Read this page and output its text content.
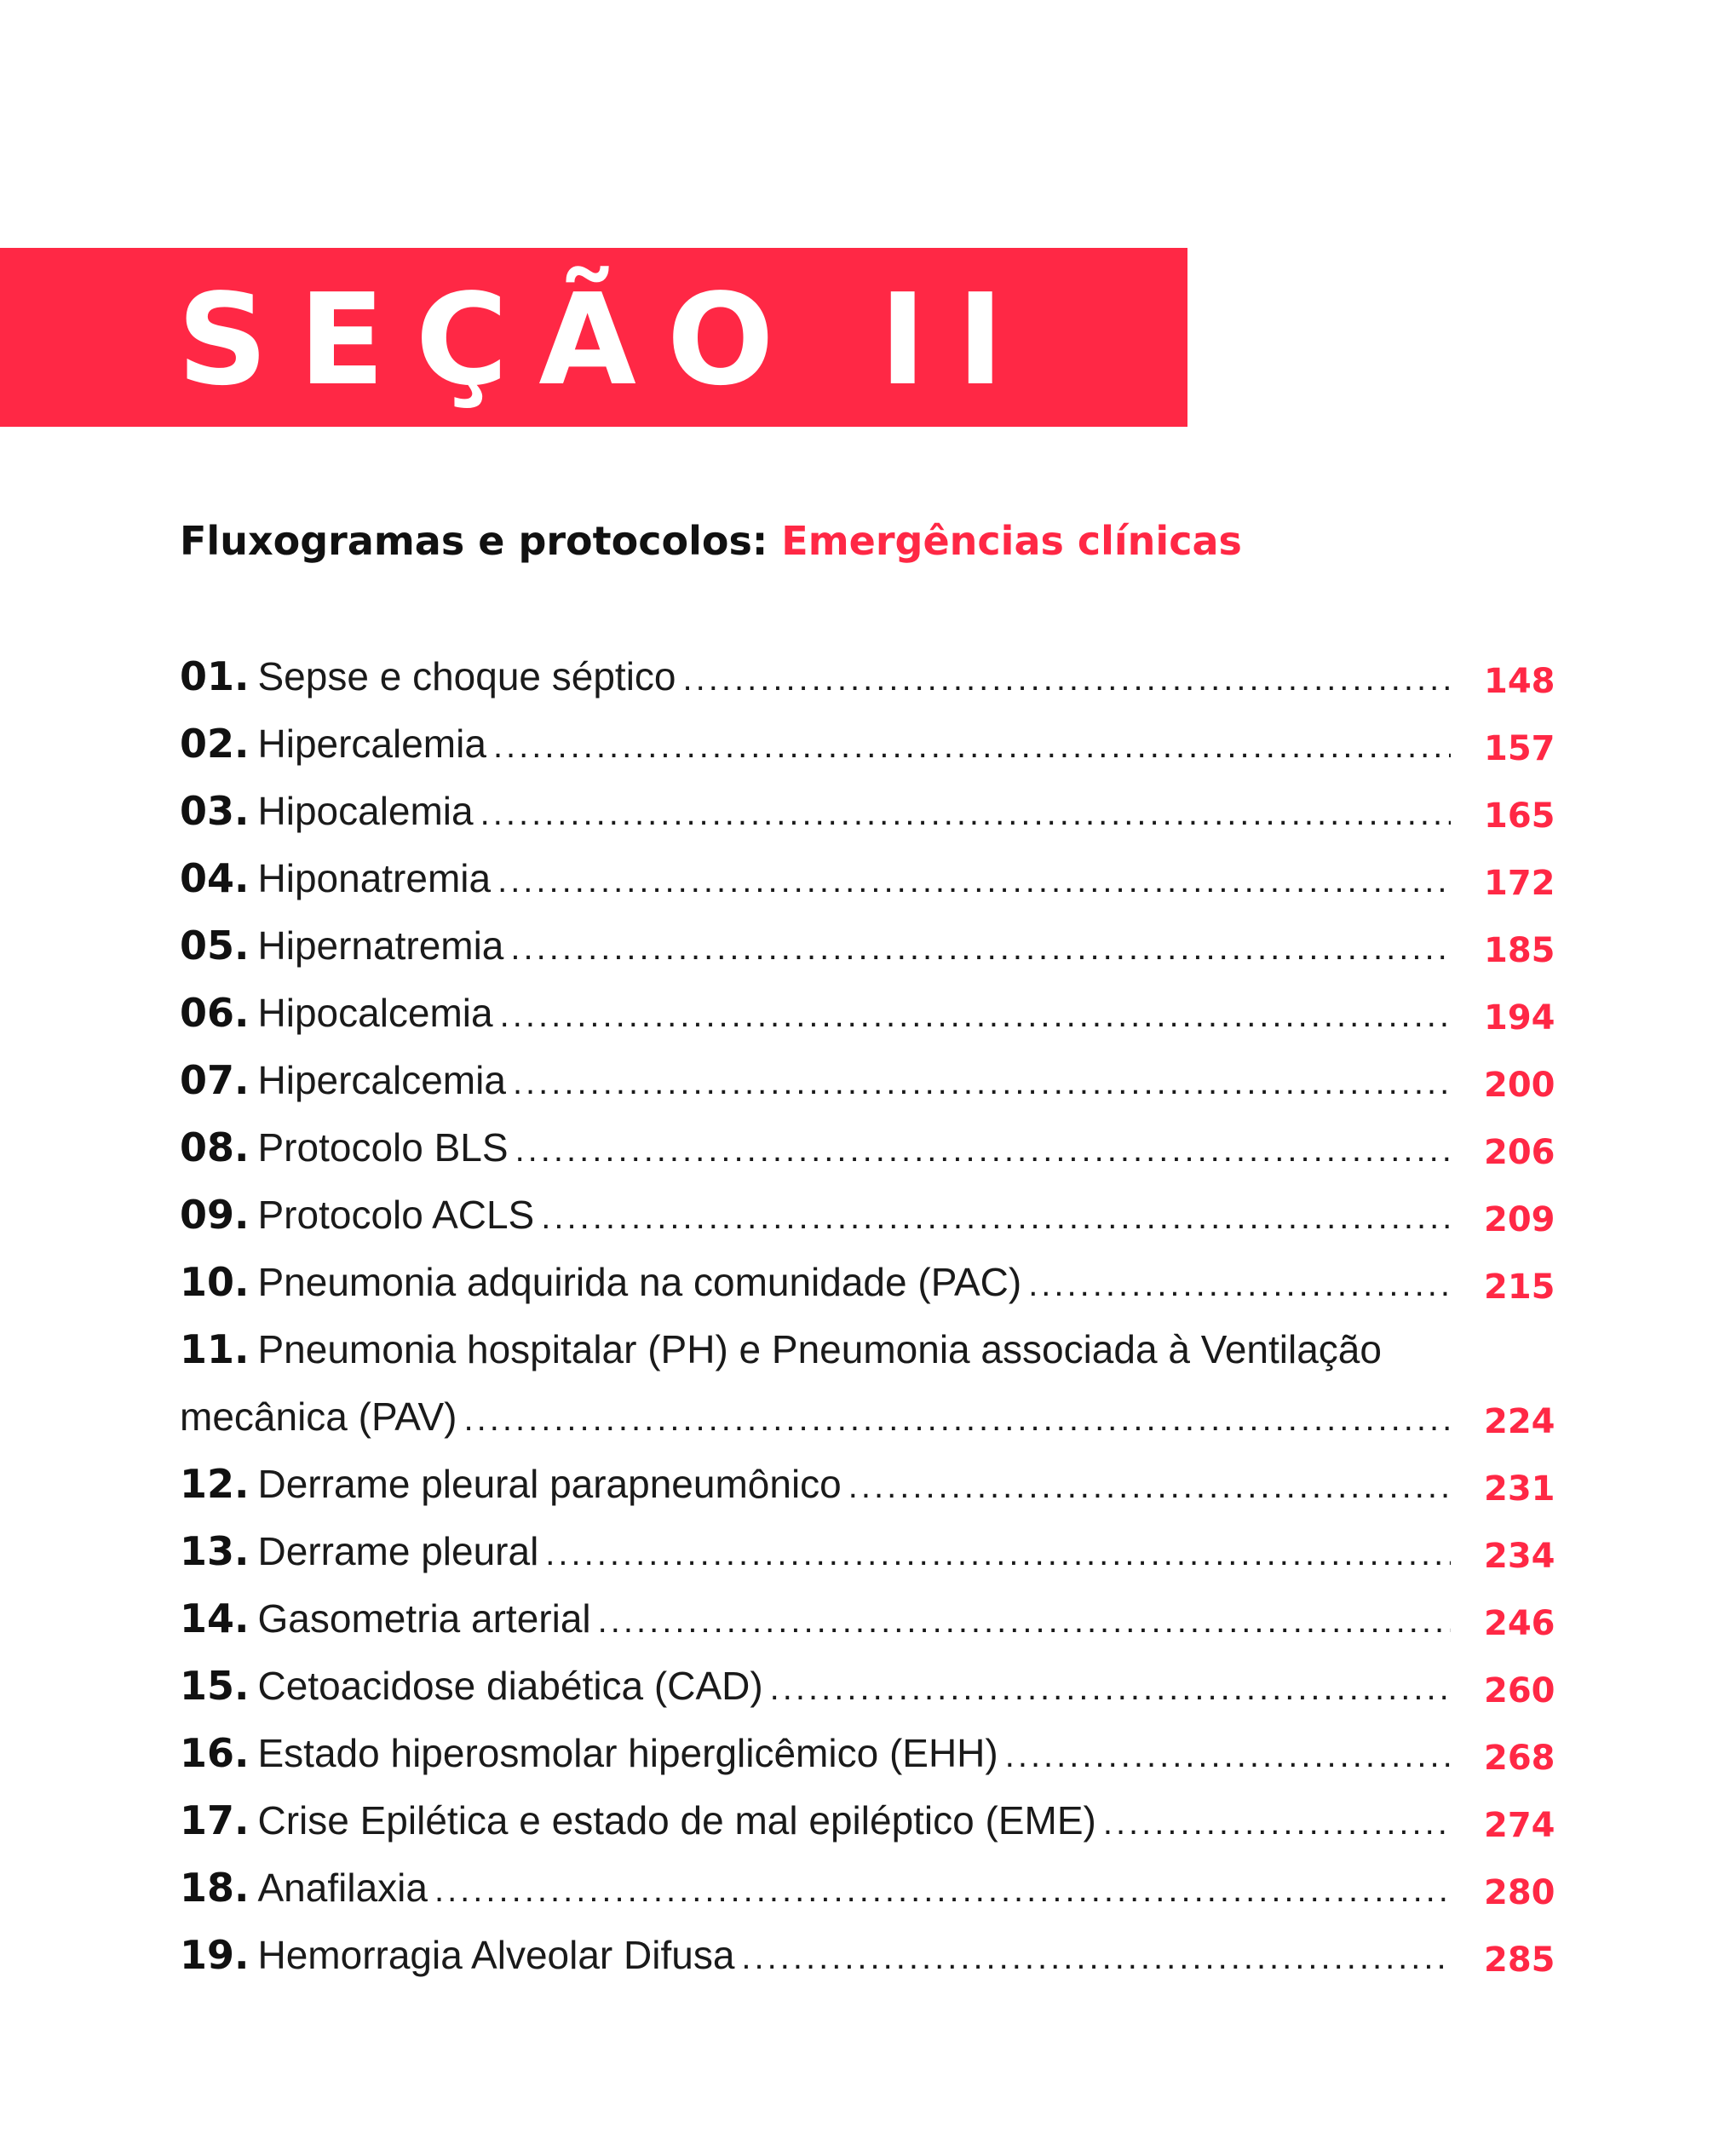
SEÇÃO II
Fluxogramas e protocolos: Emergências clínicas
01. Sepse e choque séptico .....	148
02. Hipercalemia .....	157
03. Hipocalemia .....	165
04. Hiponatremia .....	172
05. Hipernatremia .....	185
06. Hipocalcemia .....	194
07. Hipercalcemia .....	200
08. Protocolo BLS .....	206
09. Protocolo ACLS .....	209
10. Pneumonia adquirida na comunidade (PAC) .....	215
11. Pneumonia hospitalar (PH) e Pneumonia associada à Ventilação
mecânica (PAV) .....	224
12. Derrame pleural parapneumônico .....	231
13. Derrame pleural .....	234
14. Gasometria arterial .....	246
15. Cetoacidose diabética (CAD) .....	260
16. Estado hiperosmolar hiperglicêmico (EHH) .....	268
17. Crise Epilética e estado de mal epiléptico (EME) .....	274
18. Anafilaxia .....	280
19. Hemorragia Alveolar Difusa .....	285
